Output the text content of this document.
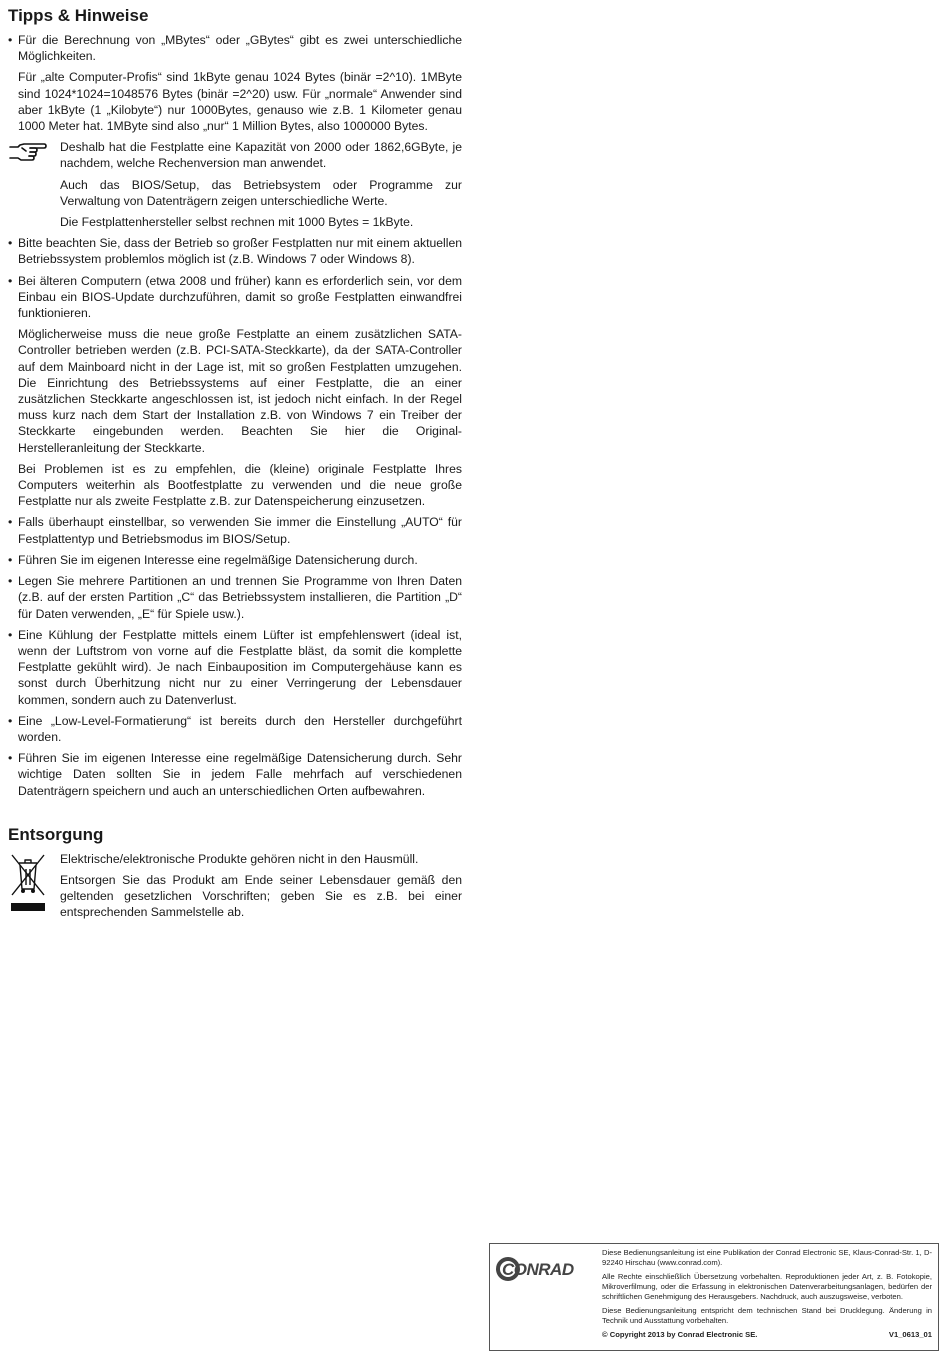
Tipps & Hinweise

• Für die Berechnung von „MBytes“ oder „GBytes“ gibt es zwei unterschiedliche Möglichkeiten.

Für „alte Computer-Profis“ sind 1kByte genau 1024 Bytes (binär =2^10). 1MByte sind 1024*1024=1048576 Bytes (binär =2^20) usw. Für „normale“ Anwender sind aber 1kByte (1 „Kilobyte“) nur 1000Bytes, genauso wie z.B. 1 Kilometer genau 1000 Meter hat. 1MByte sind also „nur“ 1 Million Bytes, also 1000000 Bytes.

Deshalb hat die Festplatte eine Kapazität von 2000 oder 1862,6GByte, je nachdem, welche Rechenversion man anwendet.

Auch das BIOS/Setup, das Betriebsystem oder Programme zur Verwaltung von Datenträgern zeigen unterschiedliche Werte.

Die Festplattenhersteller selbst rechnen mit 1000 Bytes = 1kByte.

• Bitte beachten Sie, dass der Betrieb so großer Festplatten nur mit einem aktuellen Betriebssystem problemlos möglich ist (z.B. Windows 7 oder Windows 8).

• Bei älteren Computern (etwa 2008 und früher) kann es erforderlich sein, vor dem Einbau ein BIOS-Update durchzuführen, damit so große Festplatten einwandfrei funktionieren.

Möglicherweise muss die neue große Festplatte an einem zusätzlichen SATA-Controller betrieben werden (z.B. PCI-SATA-Steckkarte), da der SATA-Controller auf dem Mainboard nicht in der Lage ist, mit so großen Festplatten umzugehen. Die Einrichtung des Betriebssystems auf einer Festplatte, die an einer zusätzlichen Steckkarte angeschlossen ist, ist jedoch nicht einfach. In der Regel muss kurz nach dem Start der Installation z.B. von Windows 7 ein Treiber der Steckkarte eingebunden werden. Beachten Sie hier die Original-Herstelleranleitung der Steckkarte.

Bei Problemen ist es zu empfehlen, die (kleine) originale Festplatte Ihres Computers weiterhin als Bootfestplatte zu verwenden und die neue große Festplatte nur als zweite Festplatte z.B. zur Datenspeicherung einzusetzen.

• Falls überhaupt einstellbar, so verwenden Sie immer die Einstellung „AUTO“ für Festplattentyp und Betriebsmodus im BIOS/Setup.

• Führen Sie im eigenen Interesse eine regelmäßige Datensicherung durch.

• Legen Sie mehrere Partitionen an und trennen Sie Programme von Ihren Daten (z.B. auf der ersten Partition „C“ das Betriebssystem installieren, die Partition „D“ für Daten verwenden, „E“ für Spiele usw.).

• Eine Kühlung der Festplatte mittels einem Lüfter ist empfehlenswert (ideal ist, wenn der Luftstrom von vorne auf die Festplatte bläst, da somit die komplette Festplatte gekühlt wird). Je nach Einbauposition im Computergehäuse kann es sonst durch Überhitzung nicht nur zu einer Verringerung der Lebensdauer kommen, sondern auch zu Datenverlust.

• Eine „Low-Level-Formatierung“ ist bereits durch den Hersteller durchgeführt worden.

• Führen Sie im eigenen Interesse eine regelmäßige Datensicherung durch. Sehr wichtige Daten sollten Sie in jedem Falle mehrfach auf verschiedenen Datenträgern speichern und auch an unterschiedlichen Orten aufbewahren.

Entsorgung

Elektrische/elektronische Produkte gehören nicht in den Hausmüll.

Entsorgen Sie das Produkt am Ende seiner Lebensdauer gemäß den geltenden gesetzlichen Vorschriften; geben Sie es z.B. bei einer entsprechenden Sammelstelle ab.

CONRAD

Diese Bedienungsanleitung ist eine Publikation der Conrad Electronic SE, Klaus-Conrad-Str. 1, D-92240 Hirschau (www.conrad.com).

Alle Rechte einschließlich Übersetzung vorbehalten. Reproduktionen jeder Art, z. B. Fotokopie, Mikroverfilmung, oder die Erfassung in elektronischen Datenverarbeitungsanlagen, bedürfen der schriftlichen Genehmigung des Herausgebers. Nachdruck, auch auszugsweise, verboten.

Diese Bedienungsanleitung entspricht dem technischen Stand bei Drucklegung. Änderung in Technik und Ausstattung vorbehalten.

© Copyright 2013 by Conrad Electronic SE.	V1_0613_01
